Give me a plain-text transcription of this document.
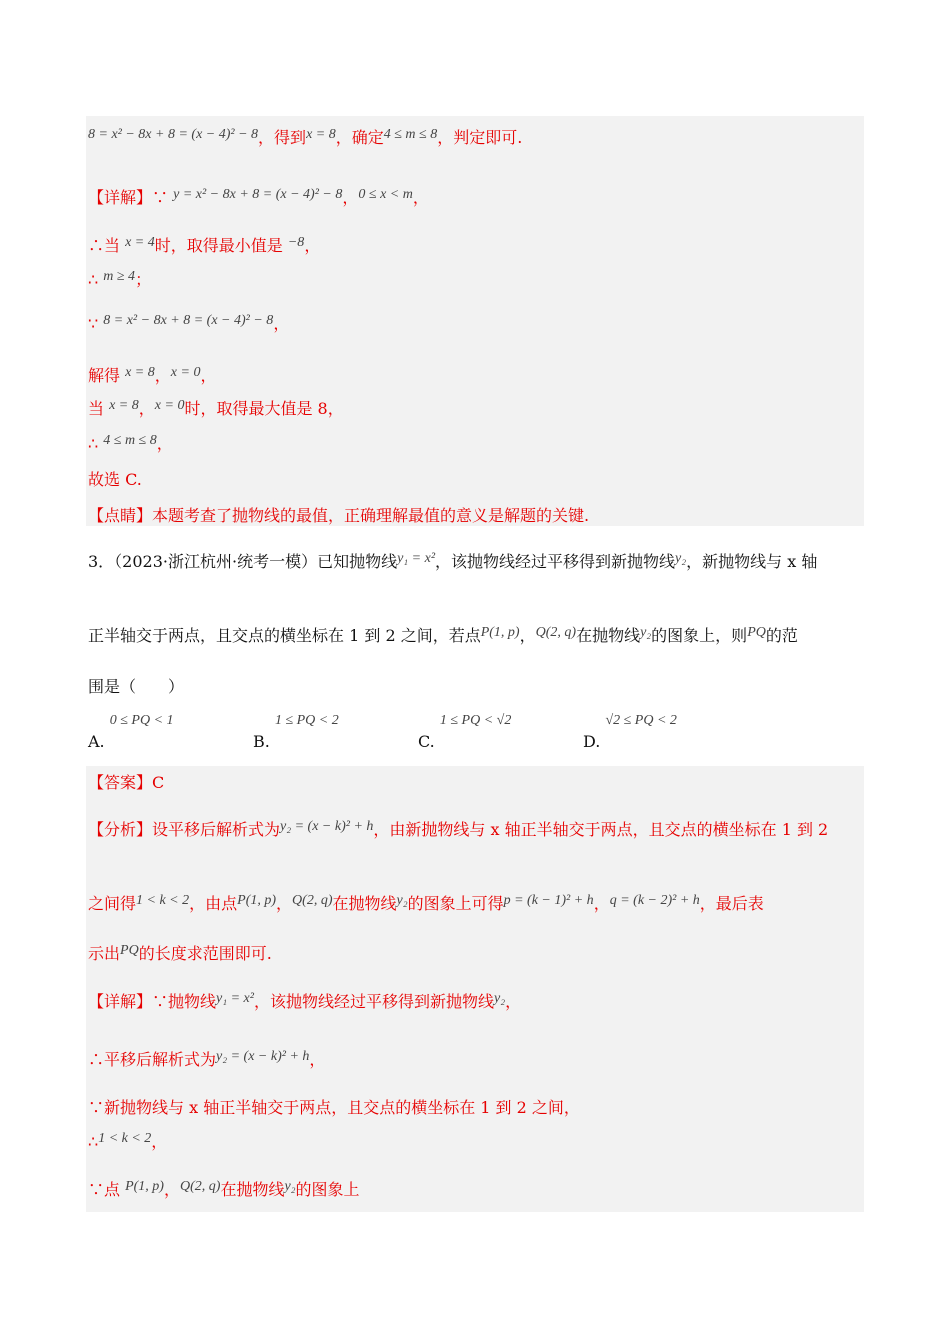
8 = x² − 8x + 8 = (x − 4)² − 8，得到x = 8，确定4 ≤ m ≤ 8，判定即可.
【详解】∵ y = x² − 8x + 8 = (x − 4)² − 8，0 ≤ x < m，
∴当 x = 4时，取得最小值是 −8，
∴ m ≥ 4；
∵ 8 = x² − 8x + 8 = (x − 4)² − 8，
解得 x = 8，x = 0，
当 x = 8，x = 0时，取得最大值是 8，
∴ 4 ≤ m ≤ 8，
故选 C.
【点睛】本题考查了抛物线的最值，正确理解最值的意义是解题的关键.
3．（2023·浙江杭州·统考一模）已知抛物线y₁ = x²，该抛物线经过平移得到新抛物线y₂，新抛物线与 x 轴
正半轴交于两点，且交点的横坐标在 1 到 2 之间，若点P(1, p)，Q(2, q)在抛物线y₂的图象上，则PQ的范
围是（　　）
A. 0 ≤ PQ < 1
B. 1 ≤ PQ < 2
C. 1 ≤ PQ < √2
D. √2 ≤ PQ < 2
【答案】C
【分析】设平移后解析式为y₂ = (x − k)² + h，由新抛物线与 x 轴正半轴交于两点，且交点的横坐标在 1 到 2
之间得1 < k < 2，由点P(1, p)，Q(2, q)在抛物线y₂的图象上可得p = (k − 1)² + h，q = (k − 2)² + h，最后表
示出PQ的长度求范围即可.
【详解】∵抛物线y₁ = x²，该抛物线经过平移得到新抛物线y₂，
∴平移后解析式为y₂ = (x − k)² + h，
∵新抛物线与 x 轴正半轴交于两点，且交点的横坐标在 1 到 2 之间，
∴1 < k < 2，
∵点 P(1, p)，Q(2, q)在抛物线y₂的图象上
